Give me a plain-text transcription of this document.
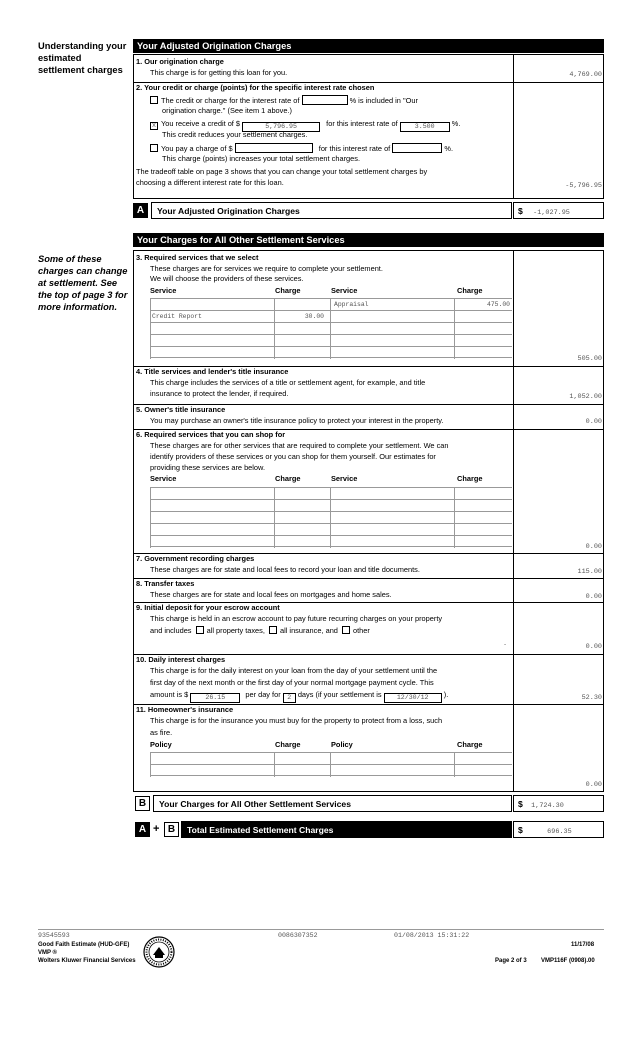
Understanding your estimated settlement charges
Some of these charges can change at settlement. See the top of page 3 for more information.
Your Adjusted Origination Charges
1. Our origination charge
This charge is for getting this loan for you.	4,769.00
2. Your credit or charge (points) for the specific interest rate chosen
The credit or charge for the interest rate of	% is included in "Our
origination charge." (See item 1 above.)
x You receive a credit of $	5,796.95	for this interest rate of	3.500 %.
This credit reduces your settlement charges.
You pay a charge of $	for this interest rate of	%.
This charge (points) increases your total settlement charges.
The tradeoff table on page 3 shows that you can change your total settlement charges by
choosing a different interest rate for this loan.	-5,796.95
A	Your Adjusted Origination Charges	$ -1,027.95
Your Charges for All Other Settlement Services
3. Required services that we select
These charges are for services we require to complete your settlement.
We will choose the providers of these services.
Service	Charge	Service	Charge
Appraisal	475.00
Credit Report	30.00
505.00
4. Title services and lender's title insurance
This charge includes the services of a title or settlement agent, for example, and title
insurance to protect the lender, if required.	1,052.00
5. Owner's title insurance
You may purchase an owner's title insurance policy to protect your interest in the property.	0.00
6. Required services that you can shop for
These charges are for other services that are required to complete your settlement. We can
identify providers of these services or you can shop for them yourself. Our estimates for
providing these services are below.
Service	Charge	Service	Charge
0.00
7. Government recording charges
These charges are for state and local fees to record your loan and title documents.	115.00
8. Transfer taxes
These charges are for state and local fees on mortgages and home sales.	0.00
9. Initial deposit for your escrow account
This charge is held in an escrow account to pay future recurring charges on your property
and includes all property taxes, all insurance, and other
.	0.00
10. Daily interest charges
This charge is for the daily interest on your loan from the day of your settlement until the
first day of the next month or the first day of your normal mortgage payment cycle. This
amount is $	26.15	per day for 2 days (if your settlement is 12/30/12 ).	52.30
11. Homeowner's insurance
This charge is for the insurance you must buy for the property to protect from a loss, such
as fire.
Policy	Charge	Policy	Charge
0.00
B	Your Charges for All Other Settlement Services	$ 1,724.30
A + B	Total Estimated Settlement Charges	$	696.35
93545593	0086307352	01/08/2013 15:31:22
Good Faith Estimate (HUD-GFE)
VMP ®
Wolters Kluwer Financial Services
11/17/08
Page 2 of 3 VMP116F (0908).00
